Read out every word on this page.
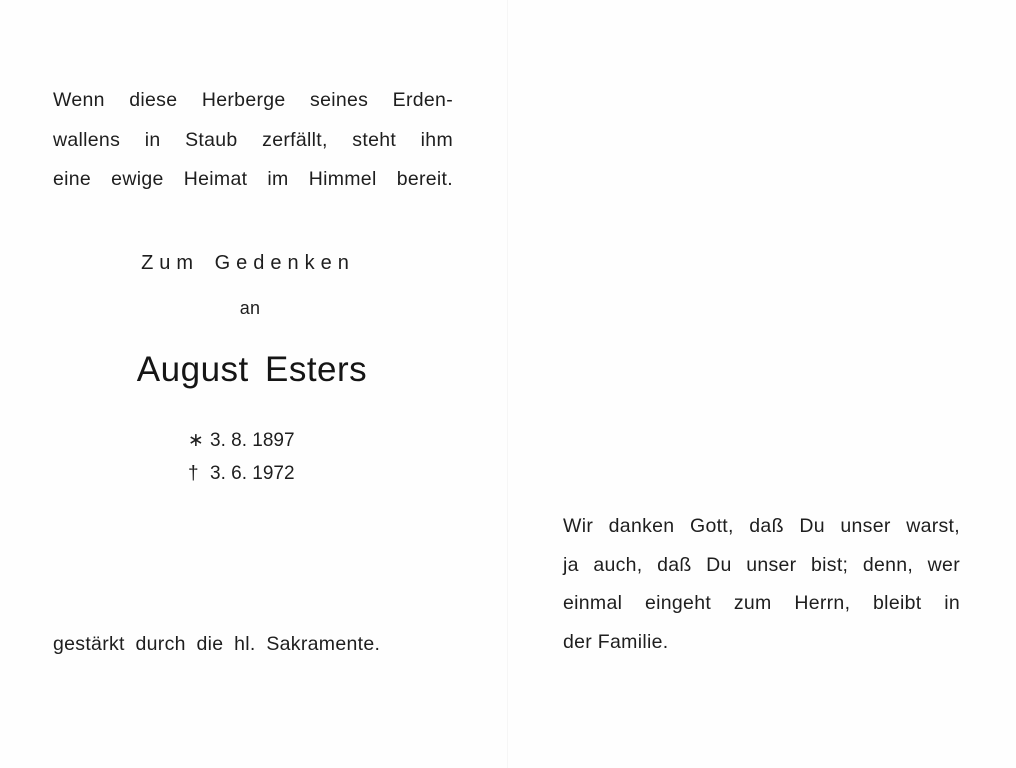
Wenn diese Herberge seines Erden-
wallens in Staub zerfällt, steht ihm
eine ewige Heimat im Himmel bereit.
Zum Gedenken
an
August Esters
∗ 3. 8. 1897
† 3. 6. 1972
gestärkt durch die hl. Sakramente.
Wir danken Gott, daß Du unser warst,
ja auch, daß Du unser bist; denn, wer
einmal eingeht zum Herrn, bleibt in
der Familie.
